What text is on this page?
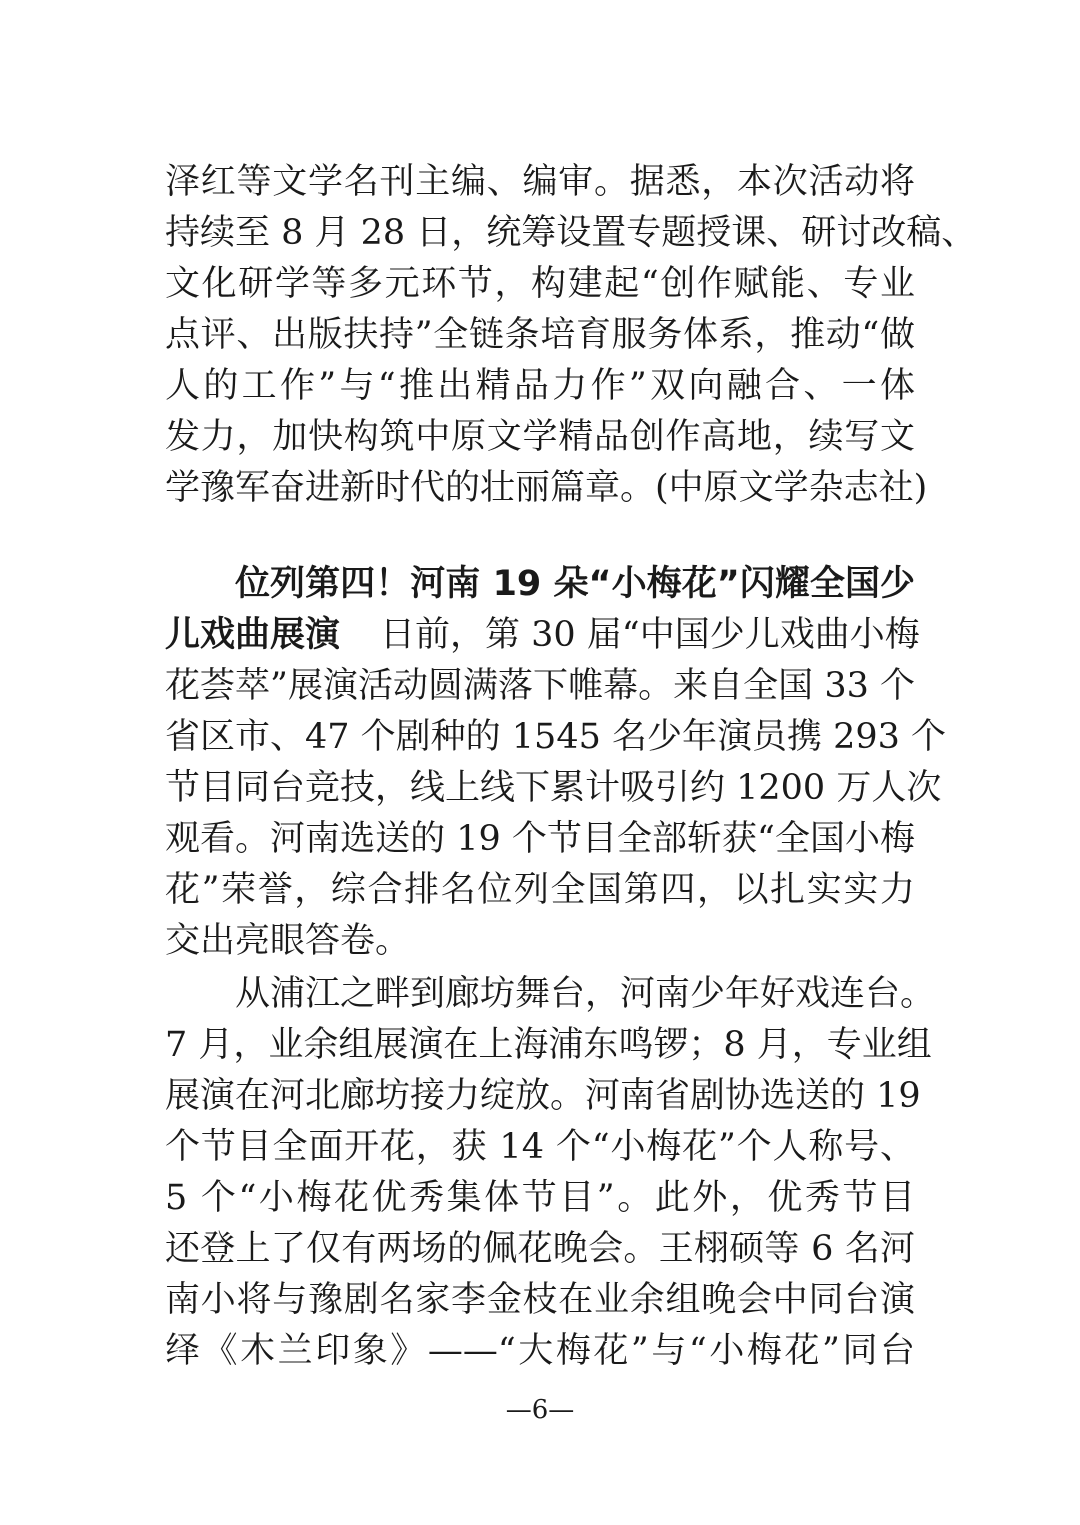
泽红等文学名刊主编、编审。据悉，本次活动将
持续至 8 月 28 日，统筹设置专题授课、研讨改稿、
文化研学等多元环节，构建起“创作赋能、专业
点评、出版扶持”全链条培育服务体系，推动“做
人的工作”与“推出精品力作”双向融合、一体
发力，加快构筑中原文学精品创作高地，续写文
学豫军奋进新时代的壮丽篇章。(中原文学杂志社)
位列第四！河南 19 朵“小梅花”闪耀全国少
儿戏曲展演 日前，第 30 届“中国少儿戏曲小梅
花荟萃”展演活动圆满落下帷幕。来自全国 33 个
省区市、47 个剧种的 1545 名少年演员携 293 个
节目同台竞技，线上线下累计吸引约 1200 万人次
观看。河南选送的 19 个节目全部斩获“全国小梅
花”荣誉，综合排名位列全国第四，以扎实实力
交出亮眼答卷。
从浦江之畔到廊坊舞台，河南少年好戏连台。
7 月，业余组展演在上海浦东鸣锣；8 月，专业组
展演在河北廊坊接力绽放。河南省剧协选送的 19
个节目全面开花，获 14 个“小梅花”个人称号、
5 个“小梅花优秀集体节目”。此外，优秀节目
还登上了仅有两场的佩花晚会。王栩硕等 6 名河
南小将与豫剧名家李金枝在业余组晚会中同台演
绎《木兰印象》——“大梅花”与“小梅花”同台
—6—
